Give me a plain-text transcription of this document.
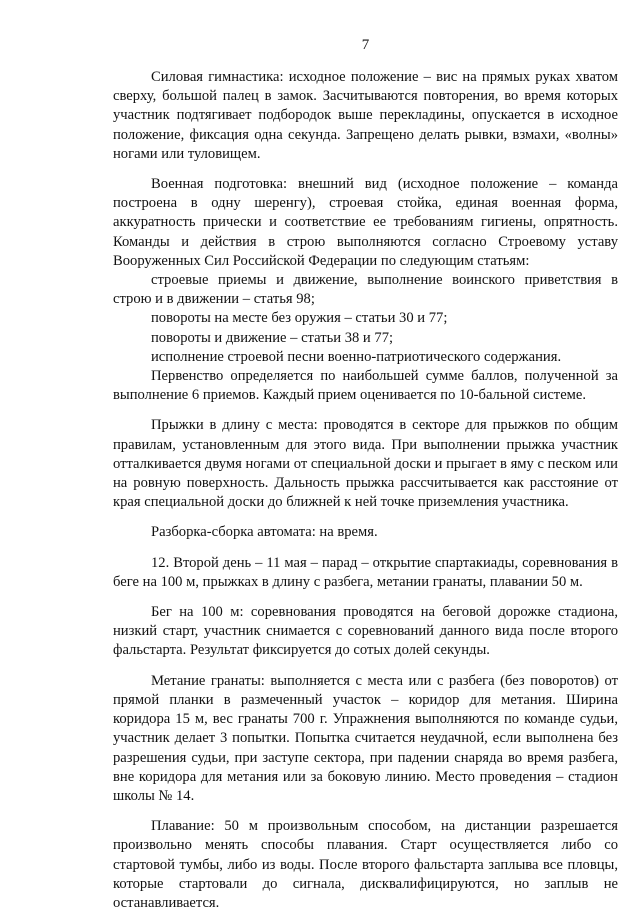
7

Силовая гимнастика: исходное положение – вис на прямых руках хватом сверху, большой палец в замок. Засчитываются повторения, во время которых участник подтягивает подбородок выше перекладины, опускается в исходное положение, фиксация одна секунда. Запрещено делать рывки, взмахи, «волны» ногами или туловищем.

Военная подготовка: внешний вид (исходное положение – команда построена в одну шеренгу), строевая стойка, единая военная форма, аккуратность прически и соответствие ее требованиям гигиены, опрятность. Команды и действия в строю выполняются согласно Строевому уставу Вооруженных Сил Российской Федерации по следующим статьям:

строевые приемы и движение, выполнение воинского приветствия в строю и в движении – статья 98;

повороты на месте без оружия – статьи 30 и 77;

повороты и движение – статьи 38 и 77;

исполнение строевой песни военно-патриотического содержания.

Первенство определяется по наибольшей сумме баллов, полученной за выполнение 6 приемов. Каждый прием оценивается по 10-бальной системе.

Прыжки в длину с места: проводятся в секторе для прыжков по общим правилам, установленным для этого вида. При выполнении прыжка участник отталкивается двумя ногами от специальной доски и прыгает в яму с песком или на ровную поверхность. Дальность прыжка рассчитывается как расстояние от края специальной доски до ближней к ней точке приземления участника.

Разборка-сборка автомата: на время.

12. Второй день – 11 мая – парад – открытие спартакиады, соревнования в беге на 100 м, прыжках в длину с разбега, метании гранаты, плавании 50 м.

Бег на 100 м: соревнования проводятся на беговой дорожке стадиона, низкий старт, участник снимается с соревнований данного вида после второго фальстарта. Результат фиксируется до сотых долей секунды.

Метание гранаты: выполняется с места или с разбега (без поворотов) от прямой планки в размеченный участок – коридор для метания. Ширина коридора 15 м, вес гранаты 700 г. Упражнения выполняются по команде судьи, участник делает 3 попытки. Попытка считается неудачной, если выполнена без разрешения судьи, при заступе сектора, при падении снаряда во время разбега, вне коридора для метания или за боковую линию. Место проведения – стадион школы № 14.

Плавание: 50 м произвольным способом, на дистанции разрешается произвольно менять способы плавания. Старт осуществляется либо со стартовой тумбы, либо из воды. После второго фальстарта заплыва все пловцы, которые стартовали до сигнала, дисквалифицируются, но заплыв не останавливается.
